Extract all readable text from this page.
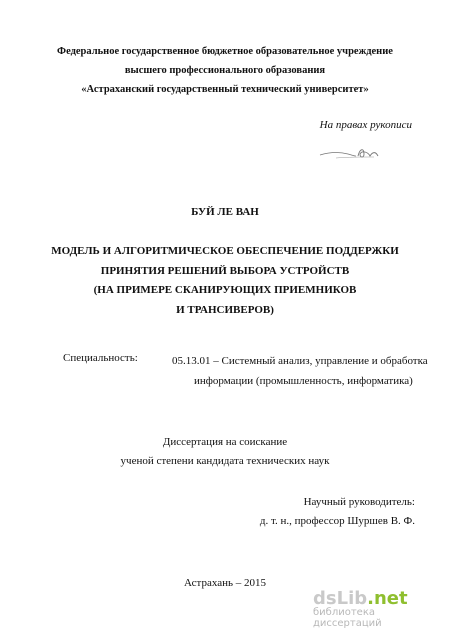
Федеральное государственное бюджетное образовательное учреждение
высшего профессионального образования
«Астраханский государственный технический университет»
На правах рукописи
БУЙ ЛЕ ВАН
МОДЕЛЬ И АЛГОРИТМИЧЕСКОЕ ОБЕСПЕЧЕНИЕ ПОДДЕРЖКИ
ПРИНЯТИЯ РЕШЕНИЙ ВЫБОРА УСТРОЙСТВ
(НА ПРИМЕРЕ СКАНИРУЮЩИХ ПРИЕМНИКОВ
И ТРАНСИВЕРОВ)
Специальность:	05.13.01 – Системный анализ, управление и обработка
информации (промышленность, информатика)
Диссертация на соискание
ученой степени кандидата технических наук
Научный руководитель:
д. т. н., профессор Шуршев В. Ф.
Астрахань – 2015
dsLib.net
библиотека диссертаций
